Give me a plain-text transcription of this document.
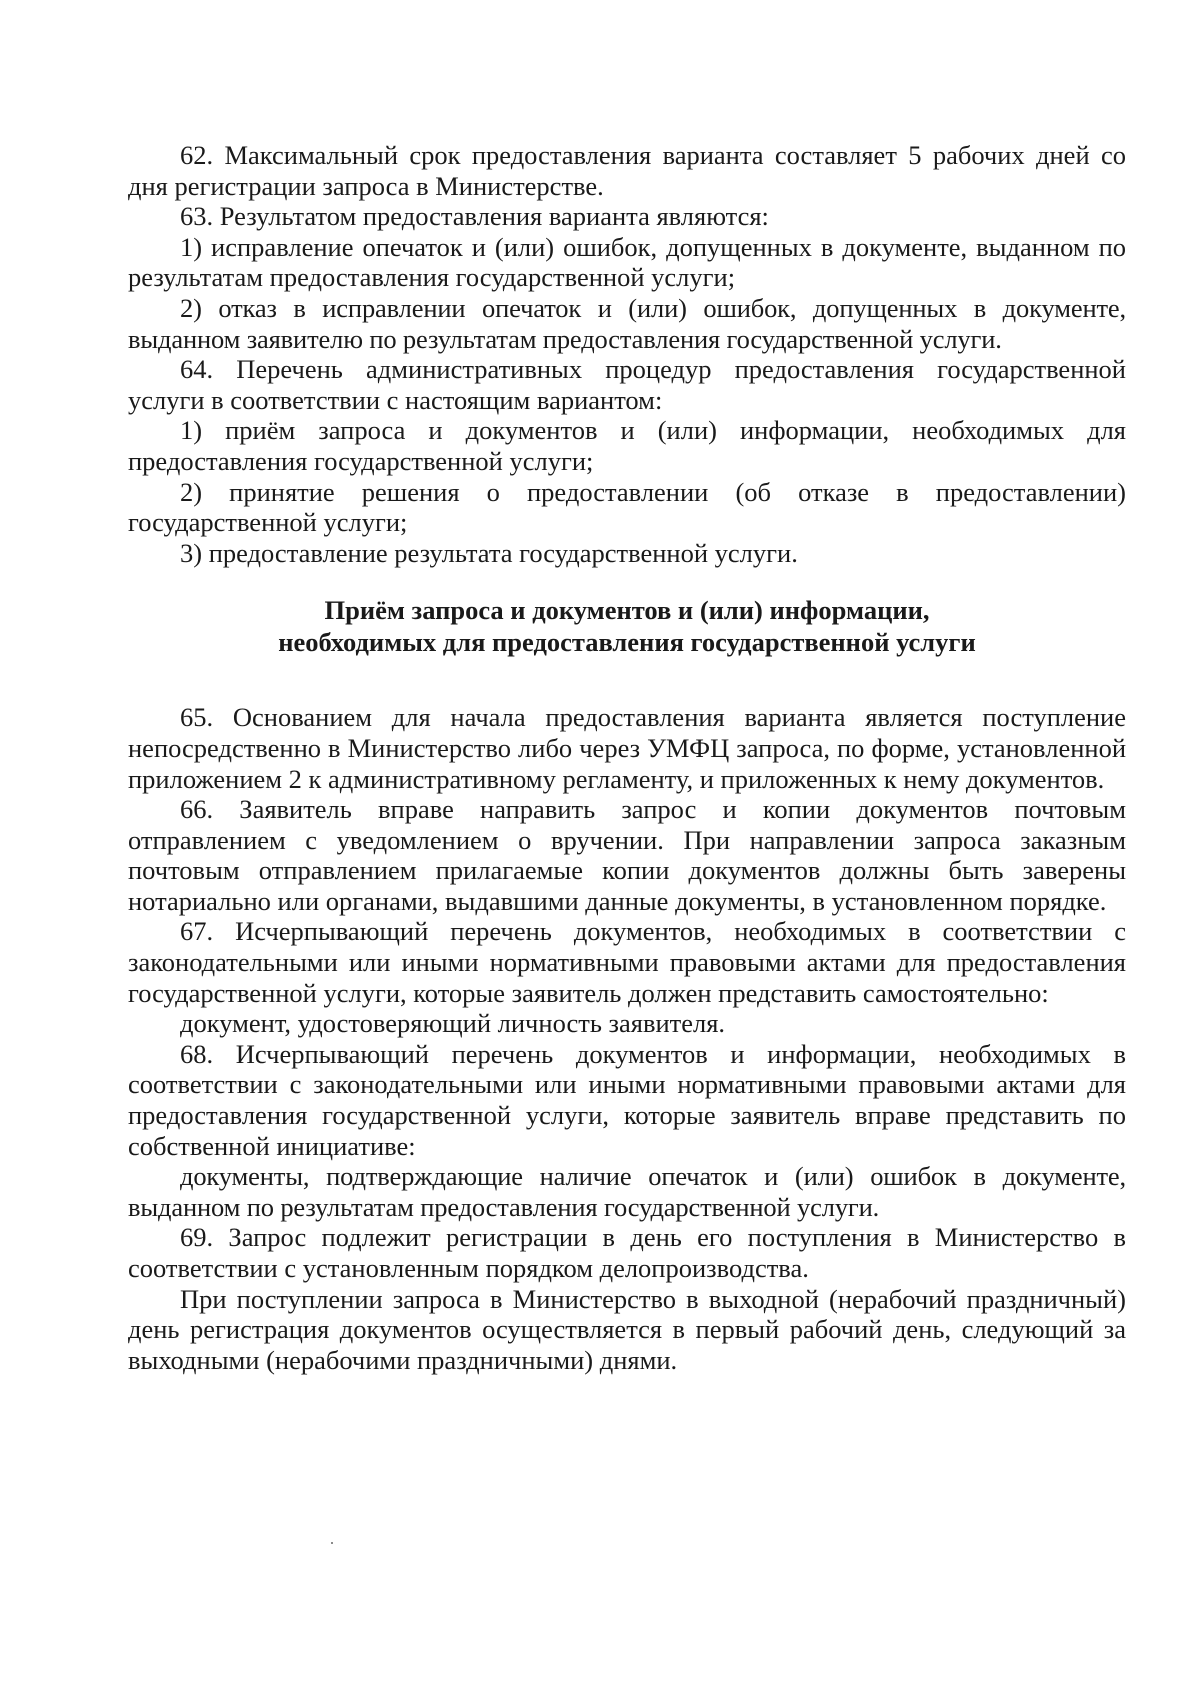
62. Максимальный срок предоставления варианта составляет 5 рабочих дней со дня регистрации запроса в Министерстве.

63. Результатом предоставления варианта являются:

1) исправление опечаток и (или) ошибок, допущенных в документе, выданном по результатам предоставления государственной услуги;

2) отказ в исправлении опечаток и (или) ошибок, допущенных в документе, выданном заявителю по результатам предоставления государственной услуги.

64. Перечень административных процедур предоставления государственной услуги в соответствии с настоящим вариантом:

1) приём запроса и документов и (или) информации, необходимых для предоставления государственной услуги;

2) принятие решения о предоставлении (об отказе в предоставлении) государственной услуги;

3) предоставление результата государственной услуги.

Приём запроса и документов и (или) информации,
необходимых для предоставления государственной услуги

65. Основанием для начала предоставления варианта является поступление непосредственно в Министерство либо через УМФЦ запроса, по форме, установленной приложением 2 к административному регламенту, и приложенных к нему документов.

66. Заявитель вправе направить запрос и копии документов почтовым отправлением с уведомлением о вручении. При направлении запроса заказным почтовым отправлением прилагаемые копии документов должны быть заверены нотариально или органами, выдавшими данные документы, в установленном порядке.

67. Исчерпывающий перечень документов, необходимых в соответствии с законодательными или иными нормативными правовыми актами для предоставления государственной услуги, которые заявитель должен представить самостоятельно:

документ, удостоверяющий личность заявителя.

68. Исчерпывающий перечень документов и информации, необходимых в соответствии с законодательными или иными нормативными правовыми актами для предоставления государственной услуги, которые заявитель вправе представить по собственной инициативе:

документы, подтверждающие наличие опечаток и (или) ошибок в документе, выданном по результатам предоставления государственной услуги.

69. Запрос подлежит регистрации в день его поступления в Министерство в соответствии с установленным порядком делопроизводства.

При поступлении запроса в Министерство в выходной (нерабочий праздничный) день регистрация документов осуществляется в первый рабочий день, следующий за выходными (нерабочими праздничными) днями.
